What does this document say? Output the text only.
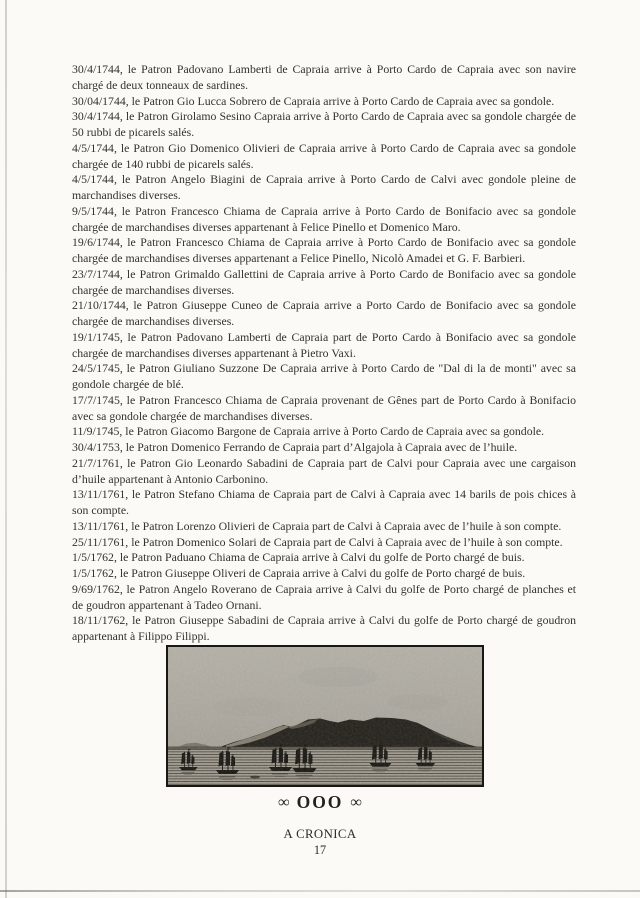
30/4/1744, le Patron Padovano Lamberti de Capraia arrive à Porto Cardo de Capraia avec son navire chargé de deux tonneaux de sardines.

30/04/1744, le Patron Gio Lucca Sobrero de Capraia arrive à Porto Cardo de Capraia avec sa gondole.

30/4/1744, le Patron Girolamo Sesino Capraia arrive à Porto Cardo de Capraia avec sa gondole chargée de 50 rubbi de picarels salés.

4/5/1744, le Patron Gio Domenico Olivieri de Capraia arrive à Porto Cardo de Capraia avec sa gondole chargée de 140 rubbi de picarels salés.

4/5/1744, le Patron Angelo Biagini de Capraia arrive à Porto Cardo de Calvi avec gondole pleine de marchandises diverses.

9/5/1744, le Patron Francesco Chiama de Capraia arrive à Porto Cardo de Bonifacio avec sa gondole chargée de marchandises diverses appartenant à Felice Pinello et Domenico Maro.

19/6/1744, le Patron Francesco Chiama de Capraia arrive à Porto Cardo de Bonifacio avec sa gondole chargée de marchandises diverses appartenant a Felice Pinello, Nicolò Amadei et G. F. Barbieri.

23/7/1744, le Patron Grimaldo Gallettini de Capraia arrive à Porto Cardo de Bonifacio avec sa gondole chargée de marchandises diverses.

21/10/1744, le Patron Giuseppe Cuneo de Capraia arrive a Porto Cardo de Bonifacio avec sa gondole chargée de marchandises diverses.

19/1/1745, le Patron Padovano Lamberti de Capraia part de Porto Cardo à Bonifacio avec sa gondole chargée de marchandises diverses appartenant à Pietro Vaxi.

24/5/1745, le Patron Giuliano Suzzone De Capraia arrive à Porto Cardo de "Dal di la de monti" avec sa gondole chargée de blé.

17/7/1745, le Patron Francesco Chiama de Capraia provenant de Gênes part de Porto Cardo à Bonifacio avec sa gondole chargée de marchandises diverses.

11/9/1745, le Patron Giacomo Bargone de Capraia arrive à Porto Cardo de Capraia avec sa gondole.

30/4/1753, le Patron Domenico Ferrando de Capraia part d’Algajola à Capraia avec de l’huile.

21/7/1761, le Patron Gio Leonardo Sabadini de Capraia part de Calvi pour Capraia avec une cargaison d’huile appartenant à Antonio Carbonino.

13/11/1761, le Patron Stefano Chiama de Capraia part de Calvi à Capraia avec 14 barils de pois chices à son compte.

13/11/1761, le Patron Lorenzo Olivieri de Capraia part de Calvi à Capraia avec de l’huile à son compte.

25/11/1761, le Patron Domenico Solari de Capraia part de Calvi à Capraia avec de l’huile à son compte.

1/5/1762, le Patron Paduano Chiama de Capraia arrive à Calvi du golfe de Porto chargé de buis.

1/5/1762, le Patron Giuseppe Oliveri de Capraia arrive à Calvi du golfe de Porto chargé de buis.

9/69/1762, le Patron Angelo Roverano de Capraia arrive à Calvi du golfe de Porto chargé de planches et de goudron appartenant à Tadeo Ornani.

18/11/1762, le Patron Giuseppe Sabadini de Capraia arrive à Calvi du golfe de Porto chargé de goudron appartenant à Filippo Filippi.

∞ OOO ∞
A CRONICA
17
